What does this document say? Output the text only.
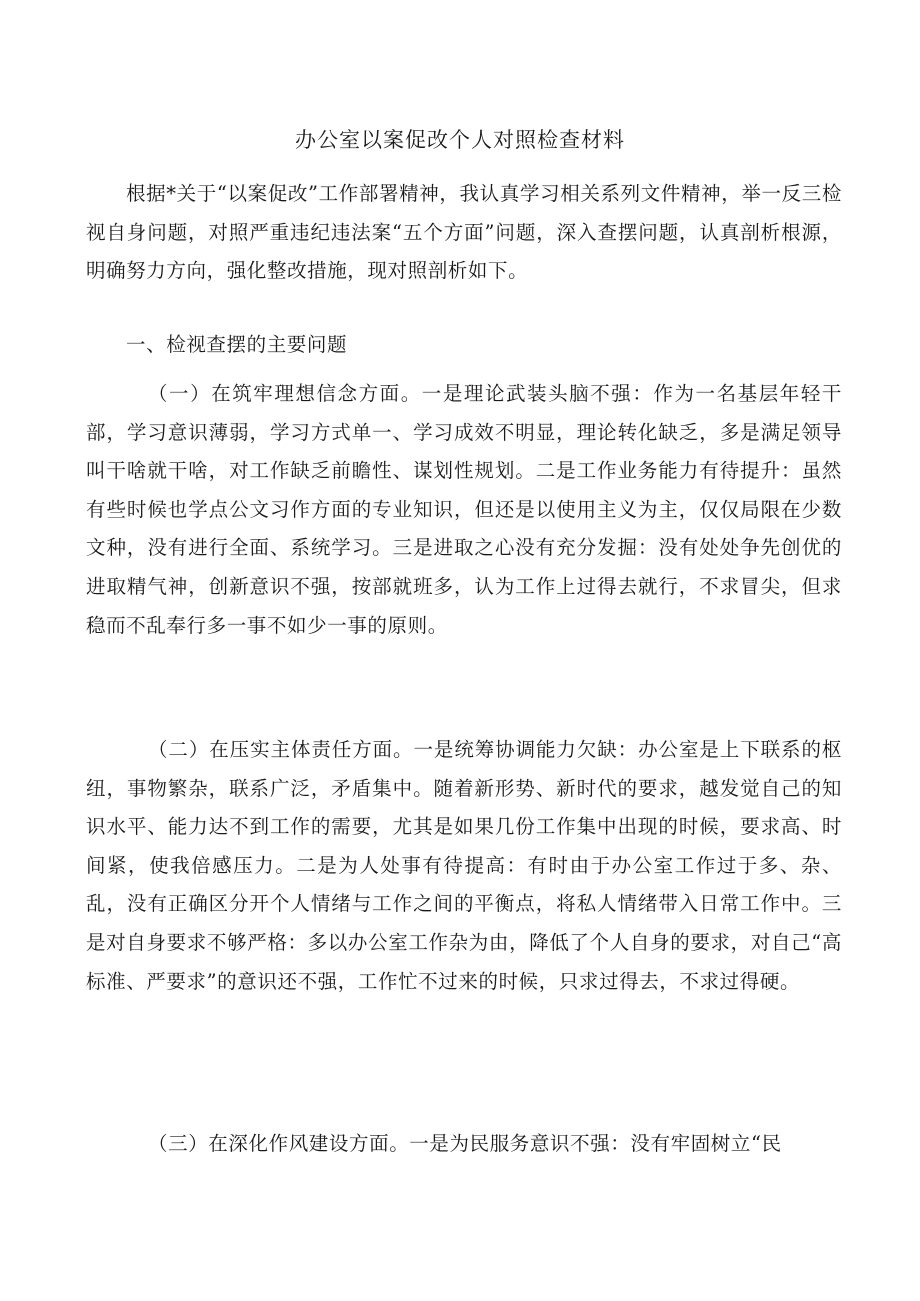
办公室以案促改个人对照检查材料

根据*关于“以案促改”工作部署精神，我认真学习相关系列文件精神，举一反三检视自身问题，对照严重违纪违法案“五个方面”问题，深入查摆问题，认真剖析根源，明确努力方向，强化整改措施，现对照剖析如下。

一、检视查摆的主要问题

（一）在筑牢理想信念方面。一是理论武装头脑不强：作为一名基层年轻干部，学习意识薄弱，学习方式单一、学习成效不明显，理论转化缺乏，多是满足领导叫干啥就干啥，对工作缺乏前瞻性、谋划性规划。二是工作业务能力有待提升：虽然有些时候也学点公文习作方面的专业知识，但还是以使用主义为主，仅仅局限在少数文种，没有进行全面、系统学习。三是进取之心没有充分发掘：没有处处争先创优的进取精气神，创新意识不强，按部就班多，认为工作上过得去就行，不求冒尖，但求稳而不乱奉行多一事不如少一事的原则。

（二）在压实主体责任方面。一是统筹协调能力欠缺：办公室是上下联系的枢纽，事物繁杂，联系广泛，矛盾集中。随着新形势、新时代的要求，越发觉自己的知识水平、能力达不到工作的需要，尤其是如果几份工作集中出现的时候，要求高、时间紧，使我倍感压力。二是为人处事有待提高：有时由于办公室工作过于多、杂、乱，没有正确区分开个人情绪与工作之间的平衡点，将私人情绪带入日常工作中。三是对自身要求不够严格：多以办公室工作杂为由，降低了个人自身的要求，对自己“高标准、严要求”的意识还不强，工作忙不过来的时候，只求过得去，不求过得硬。

（三）在深化作风建设方面。一是为民服务意识不强：没有牢固树立“民
